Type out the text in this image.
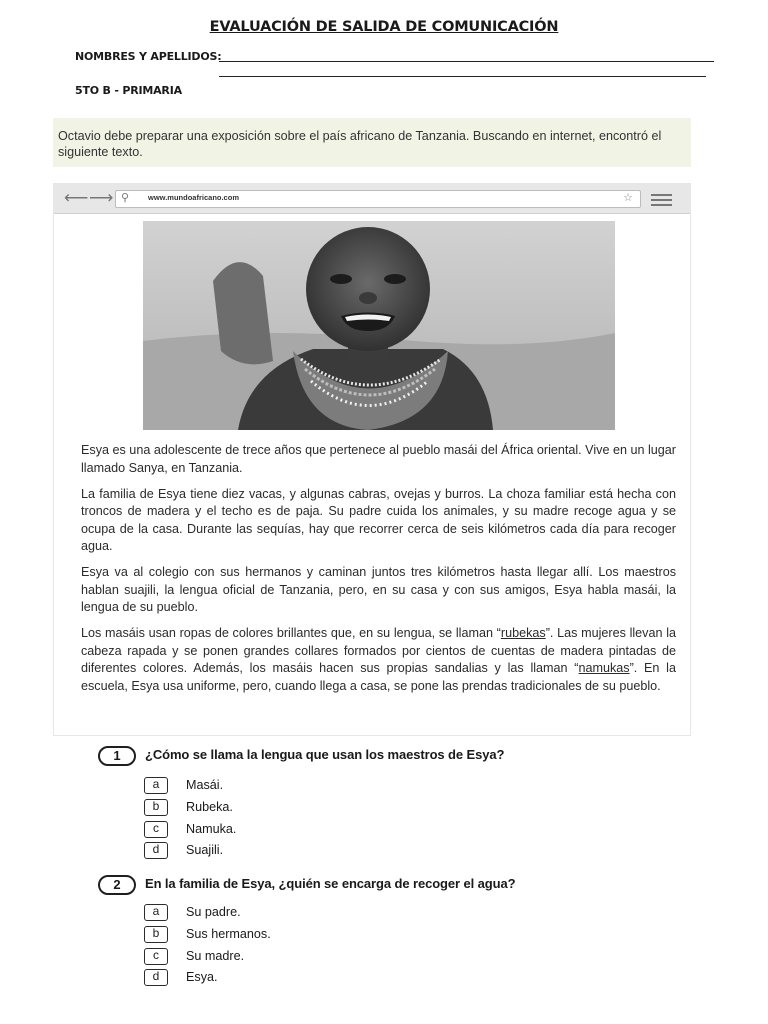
EVALUACIÓN DE SALIDA DE COMUNICACIÓN
NOMBRES Y APELLIDOS:
5TO B - PRIMARIA
Octavio debe preparar una exposición sobre el país africano de Tanzania. Buscando en internet, encontró el siguiente texto.
⟵ ⟶ ⚲	www.mundoafricano.com	☆

Esya es una adolescente de trece años que pertenece al pueblo masái del África oriental. Vive en un lugar llamado Sanya, en Tanzania.

La familia de Esya tiene diez vacas, y algunas cabras, ovejas y burros. La choza familiar está hecha con troncos de madera y el techo es de paja. Su padre cuida los animales, y su madre recoge agua y se ocupa de la casa. Durante las sequías, hay que recorrer cerca de seis kilómetros cada día para recoger agua.

Esya va al colegio con sus hermanos y caminan juntos tres kilómetros hasta llegar allí. Los maestros hablan suajili, la lengua oficial de Tanzania, pero, en su casa y con sus amigos, Esya habla masái, la lengua de su pueblo.

Los masáis usan ropas de colores brillantes que, en su lengua, se llaman “rubekas”. Las mujeres llevan la cabeza rapada y se ponen grandes collares formados por cientos de cuentas de madera pintadas de diferentes colores. Además, los masáis hacen sus propias sandalias y las llaman “namukas”. En la escuela, Esya usa uniforme, pero, cuando llega a casa, se pone las prendas tradicionales de su pueblo.

1	¿Cómo se llama la lengua que usan los maestros de Esya?
a	Masái.
b	Rubeka.
c	Namuka.
d	Suajili.
2	En la familia de Esya, ¿quién se encarga de recoger el agua?
a	Su padre.
b	Sus hermanos.
c	Su madre.
d	Esya.
